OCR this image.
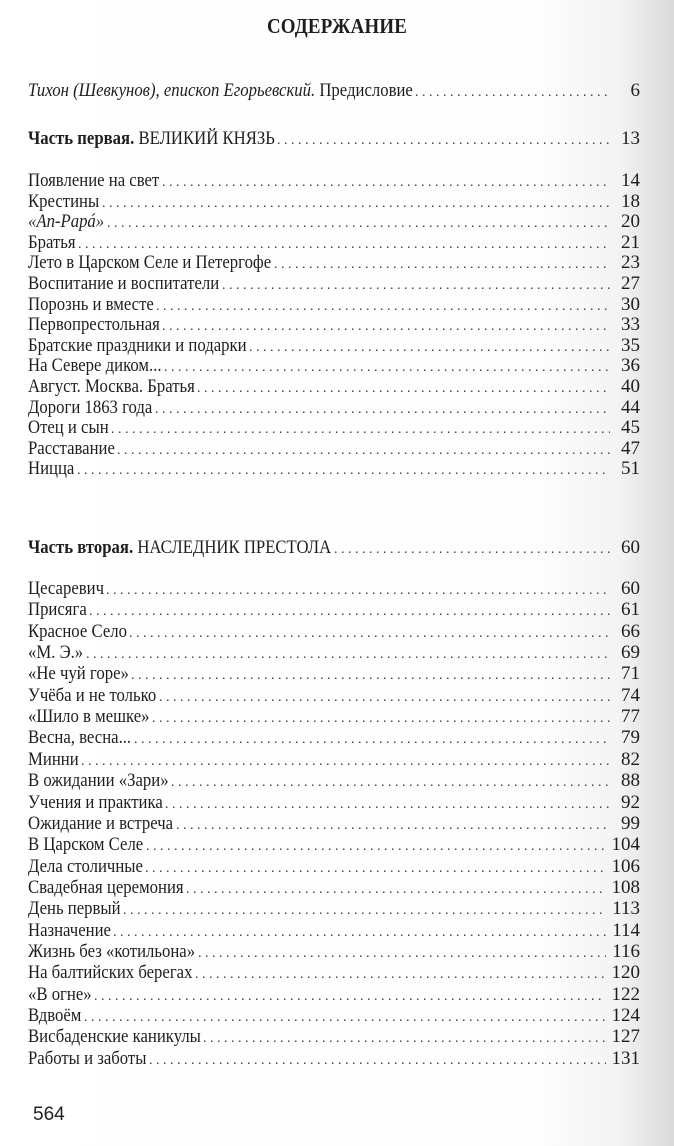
СОДЕРЖАНИЕ
Тихон (Шевкунов), епископ Егорьевский. Предисловие . . .	6
Часть первая. ВЕЛИКИЙ КНЯЗЬ . . .	13
Появление на свет . . .	14
Крестины . . .	18
«Ап-Рapá» . . .	20
Братья . . .	21
Лето в Царском Селе и Петергофе . . .	23
Воспитание и воспитатели . . .	27
Порознь и вместе . . .	30
Первопрестольная . . .	33
Братские праздники и подарки . . .	35
На Севере диком... . . .	36
Август. Москва. Братья . . .	40
Дороги 1863 года . . .	44
Отец и сын . . .	45
Расставание . . .	47
Ницца . . .	51
Часть вторая. НАСЛЕДНИК ПРЕСТОЛА . . .	60
Цесаревич . . .	60
Присяга . . .	61
Красное Село . . .	66
«М. Э.» . . .	69
«Не чуй горе» . . .	71
Учёба и не только . . .	74
«Шило в мешке» . . .	77
Весна, весна... . . .	79
Минни . . .	82
В ожидании «Зари» . . .	88
Учения и практика . . .	92
Ожидание и встреча . . .	99
В Царском Селе . . .	104
Дела столичные . . .	106
Свадебная церемония . . .	108
День первый . . .	113
Назначение . . .	114
Жизнь без «котильона» . . .	116
На балтийских берегах . . .	120
«В огне» . . .	122
Вдвоём . . .	124
Висбаденские каникулы . . .	127
Работы и заботы . . .	131
564
